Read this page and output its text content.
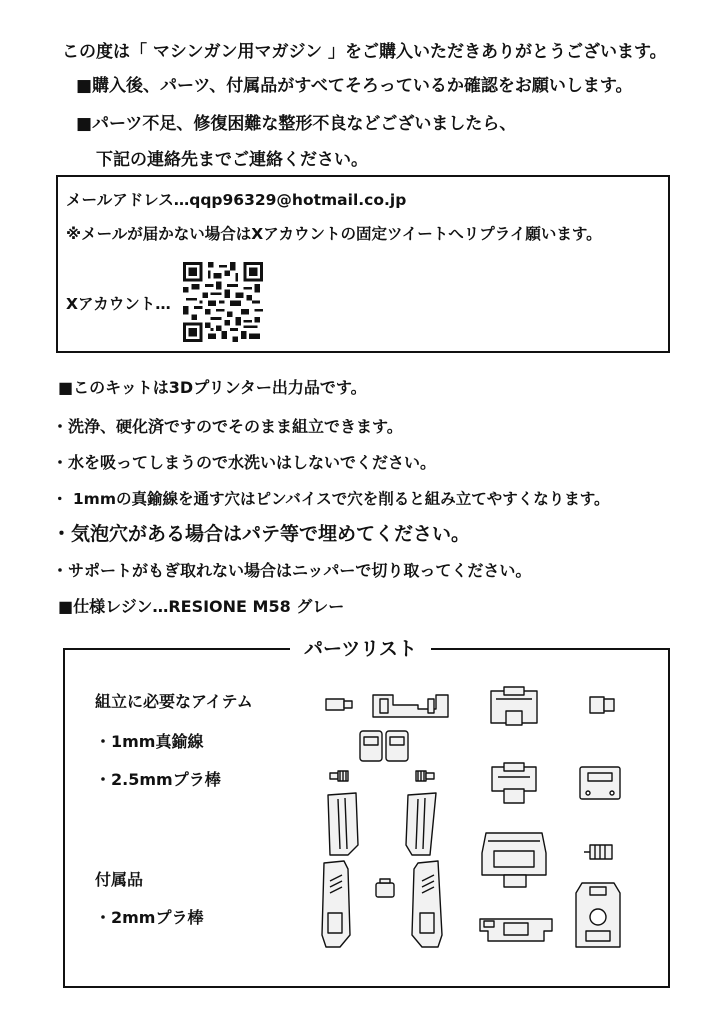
この度は「 マシンガン用マガジン 」をご購入いただきありがとうございます。
■購入後、パーツ、付属品がすべてそろっているか確認をお願いします。
■パーツ不足、修復困難な整形不良などございましたら、
下記の連絡先までご連絡ください。
メールアドレス…qqp96329@hotmail.co.jp
※メールが届かない場合はXアカウントの固定ツイートへリプライ願います。
Xアカウント…
■このキットは3Dプリンター出力品です。
・洗浄、硬化済ですのでそのまま組立できます。
・水を吸ってしまうので水洗いはしないでください。
・ 1mmの真鍮線を通す穴はピンバイスで穴を削ると組み立てやすくなります。
・気泡穴がある場合はパテ等で埋めてください。
・サポートがもぎ取れない場合はニッパーで切り取ってください。
■仕様レジン…RESIONE M58 グレー
パーツリスト
組立に必要なアイテム
・1mm真鍮線
・2.5mmプラ棒
付属品
・2mmプラ棒
